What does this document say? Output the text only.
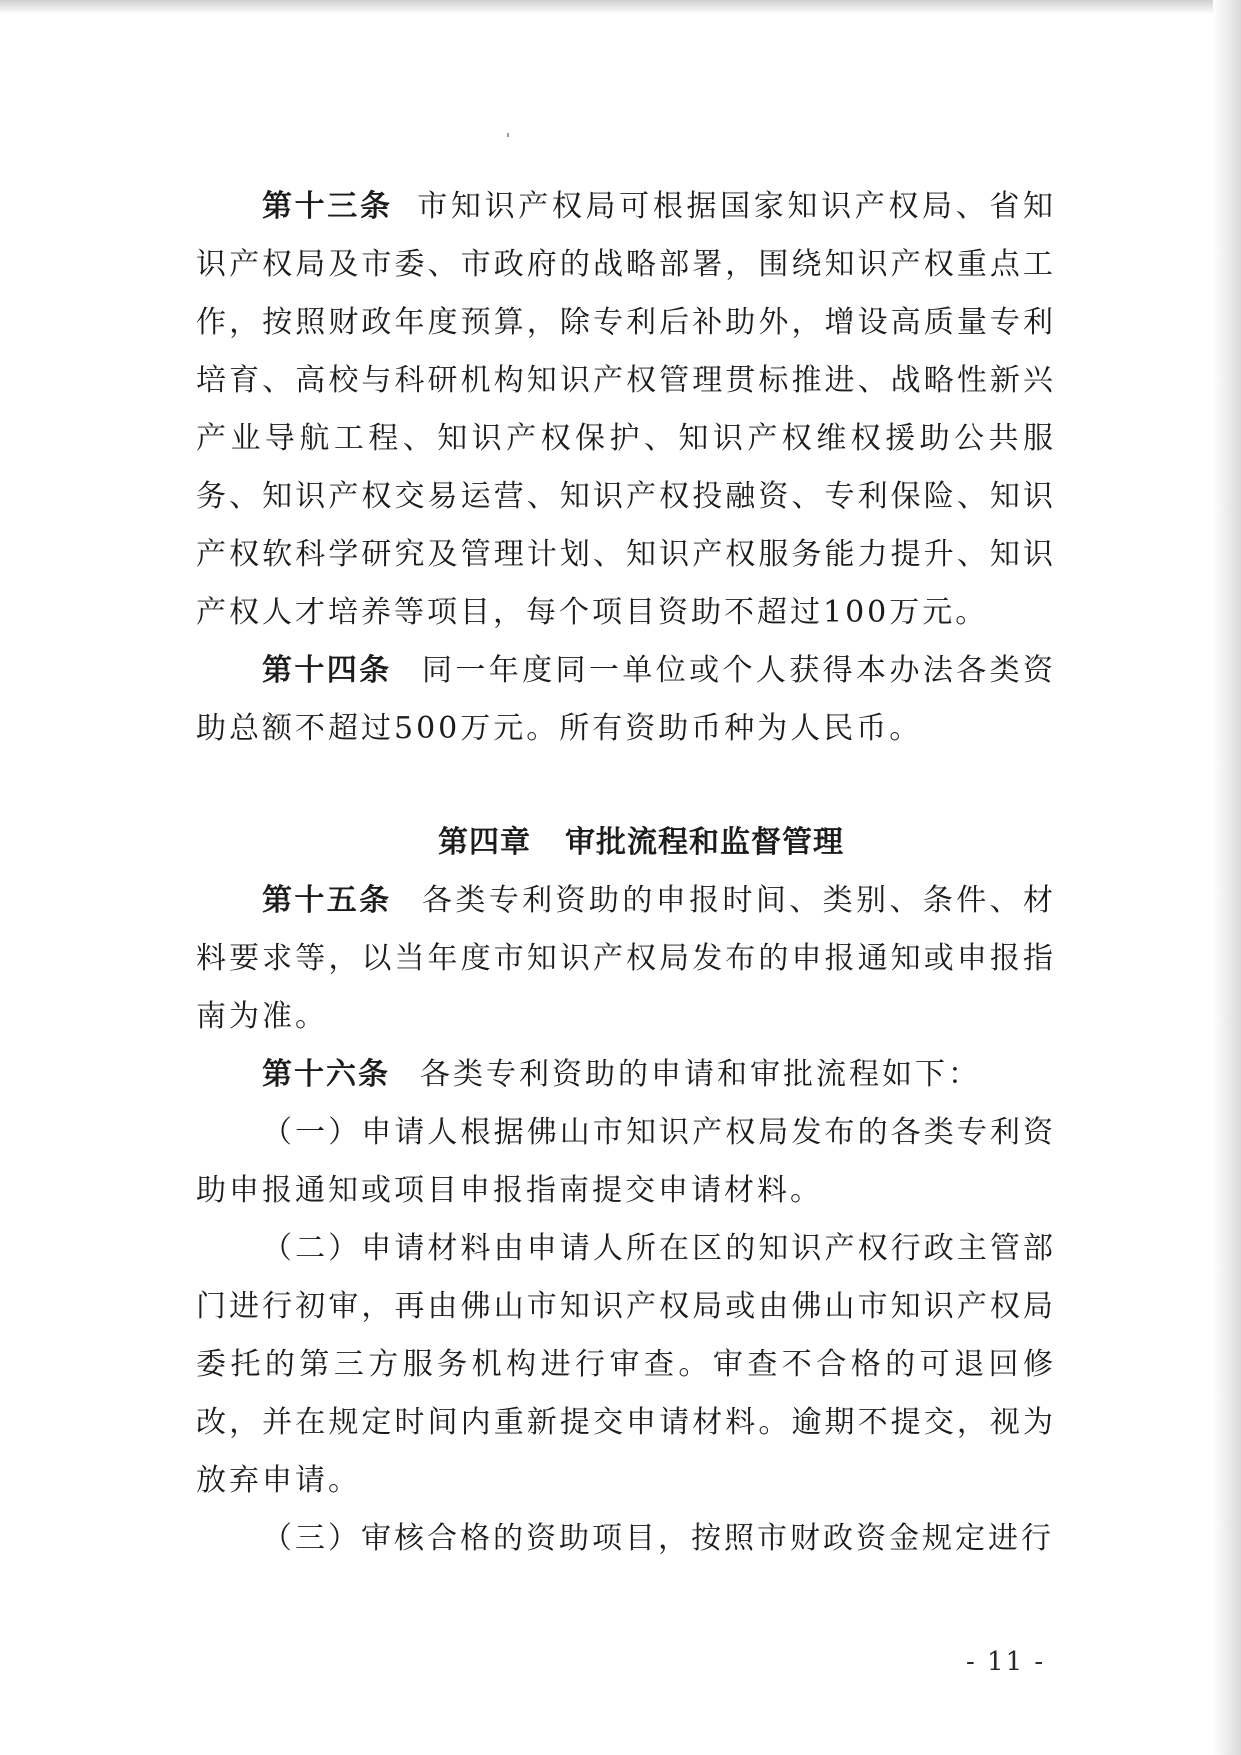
第十三条 市知识产权局可根据国家知识产权局、省知识产权局及市委、市政府的战略部署，围绕知识产权重点工作，按照财政年度预算，除专利后补助外，增设高质量专利培育、高校与科研机构知识产权管理贯标推进、战略性新兴产业导航工程、知识产权保护、知识产权维权援助公共服务、知识产权交易运营、知识产权投融资、专利保险、知识产权软科学研究及管理计划、知识产权服务能力提升、知识产权人才培养等项目，每个项目资助不超过100万元。

第十四条 同一年度同一单位或个人获得本办法各类资助总额不超过500万元。所有资助币种为人民币。

第四章 审批流程和监督管理

第十五条 各类专利资助的申报时间、类别、条件、材料要求等，以当年度市知识产权局发布的申报通知或申报指南为准。

第十六条 各类专利资助的申请和审批流程如下：

（一）申请人根据佛山市知识产权局发布的各类专利资助申报通知或项目申报指南提交申请材料。

（二）申请材料由申请人所在区的知识产权行政主管部门进行初审，再由佛山市知识产权局或由佛山市知识产权局委托的第三方服务机构进行审查。审查不合格的可退回修改，并在规定时间内重新提交申请材料。逾期不提交，视为放弃申请。

（三）审核合格的资助项目，按照市财政资金规定进行

- 11 -
